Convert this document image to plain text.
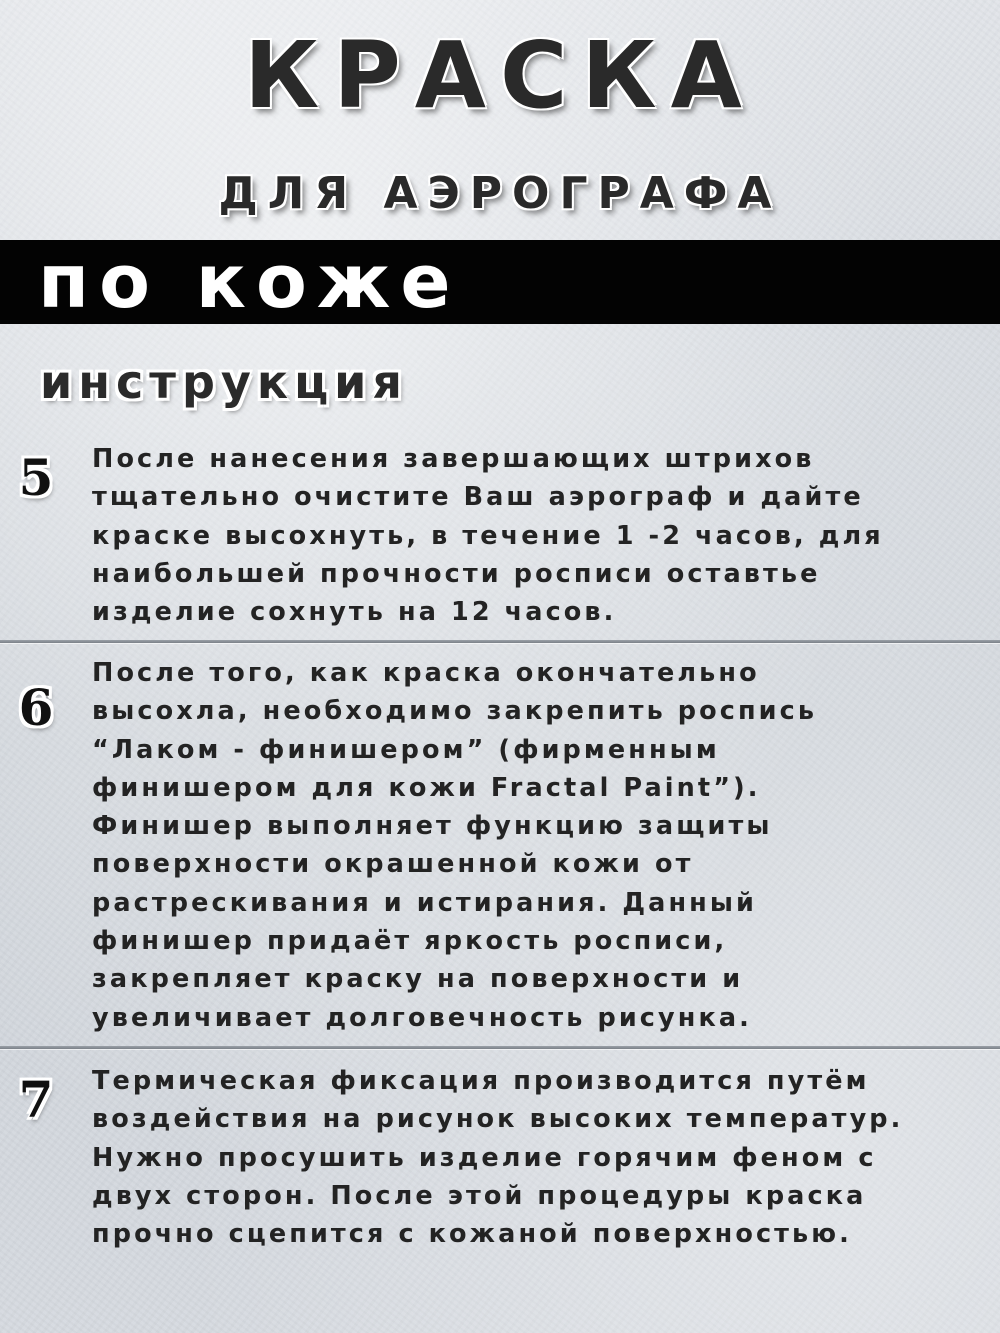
КРАСКА
ДЛЯ АЭРОГРАФА
по коже
инструкция
5 После нанесения завершающих штрихов
тщательно очистите Ваш аэрограф и дайте
краске высохнуть, в течение 1 -2 часов, для
наибольшей прочности росписи оставтье
изделие сохнуть на 12 часов.
6
После того, как краска окончательно
высохла, необходимо закрепить роспись
“Лаком - финишером” (фирменным
финишером для кожи Fractal Paint”).
Финишер выполняет функцию защиты
поверхности окрашенной кожи от
растрескивания и истирания. Данный
финишер придаёт яркость росписи,
закрепляет краску на поверхности и
увеличивает долговечность рисунка.
7 Термическая фиксация производится путём
воздействия на рисунок высоких температур.
Нужно просушить изделие горячим феном с
двух сторон. После этой процедуры краска
прочно сцепится с кожаной поверхностью.
